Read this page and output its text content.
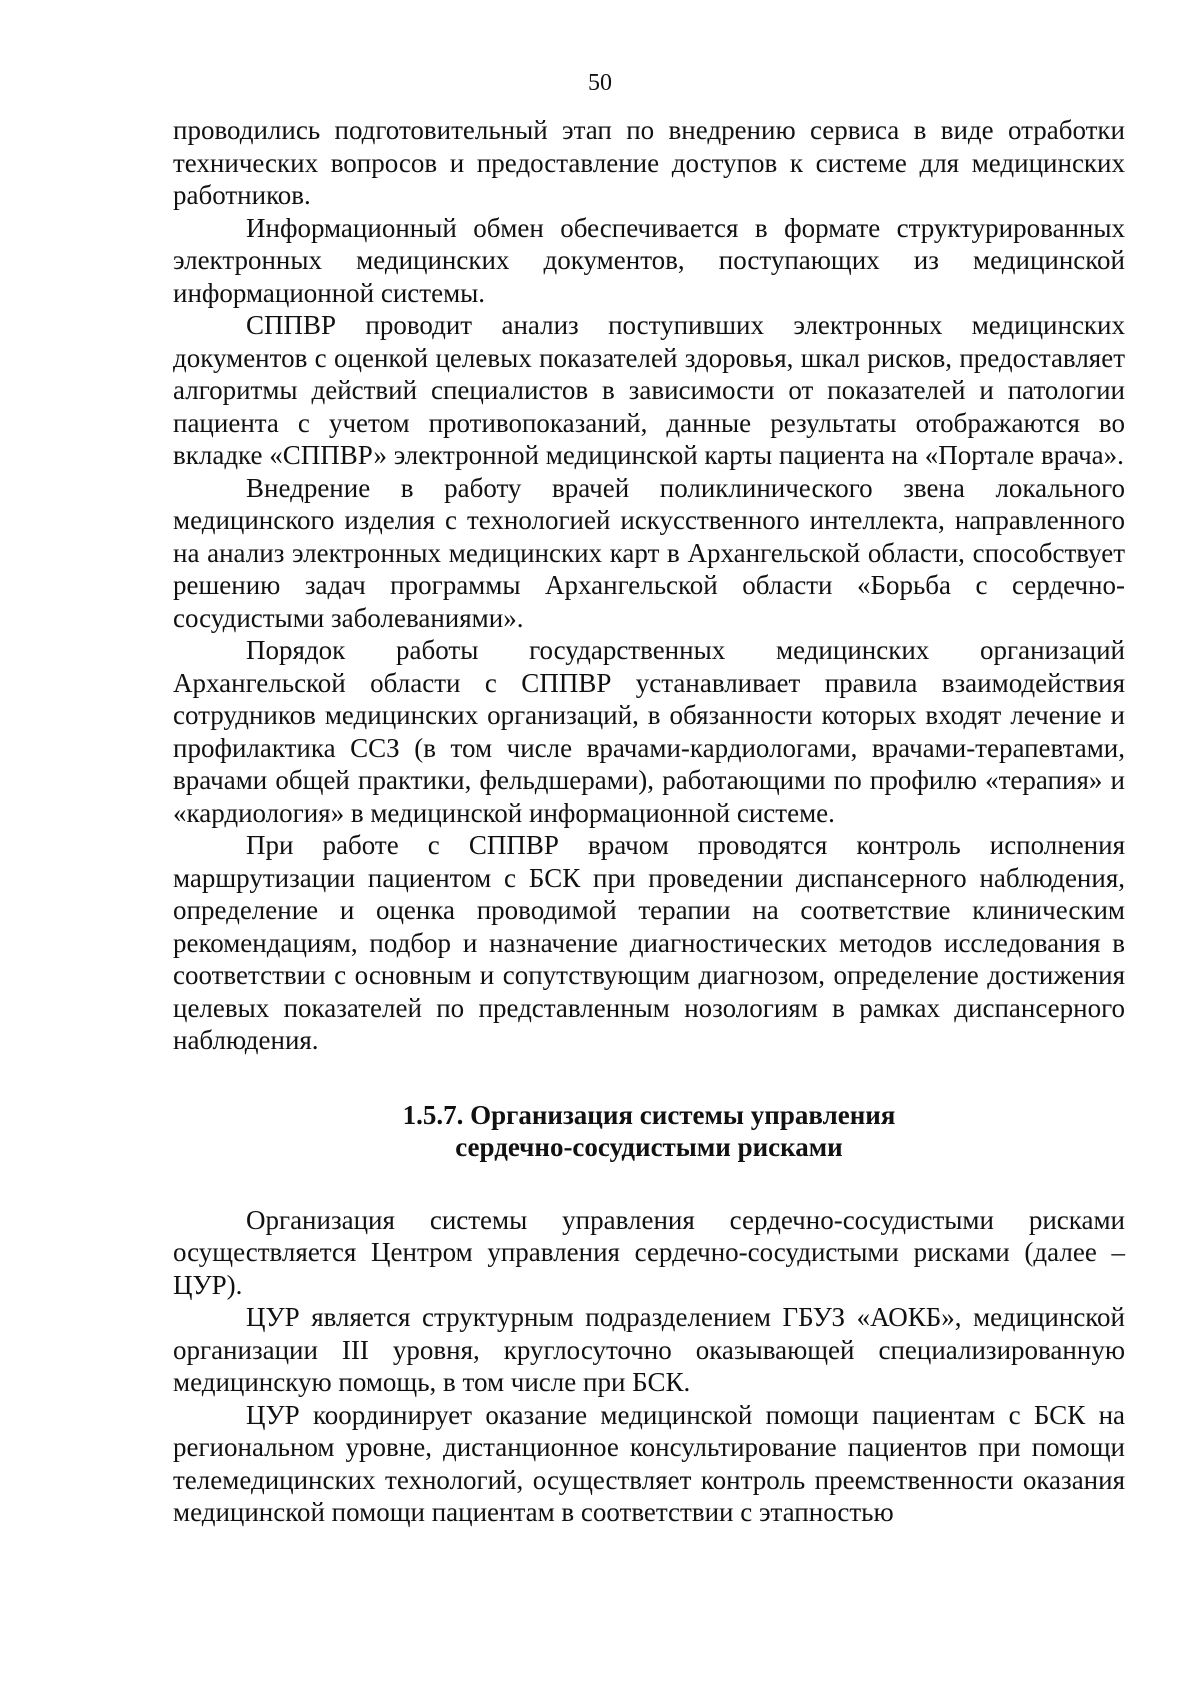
50

проводились подготовительный этап по внедрению сервиса в виде отработки технических вопросов и предоставление доступов к системе для медицинских работников.

Информационный обмен обеспечивается в формате структурированных электронных медицинских документов, поступающих из медицинской информационной системы.

СППВР проводит анализ поступивших электронных медицинских документов с оценкой целевых показателей здоровья, шкал рисков, предоставляет алгоритмы действий специалистов в зависимости от показателей и патологии пациента с учетом противопоказаний, данные результаты отображаются во вкладке «СППВР» электронной медицинской карты пациента на «Портале врача».

Внедрение в работу врачей поликлинического звена локального медицинского изделия с технологией искусственного интеллекта, направленного на анализ электронных медицинских карт в Архангельской области, способствует решению задач программы Архангельской области «Борьба с сердечно-сосудистыми заболеваниями».

Порядок работы государственных медицинских организаций Архангельской области с СППВР устанавливает правила взаимодействия сотрудников медицинских организаций, в обязанности которых входят лечение и профилактика ССЗ (в том числе врачами-кардиологами, врачами-терапевтами, врачами общей практики, фельдшерами), работающими по профилю «терапия» и «кардиология» в медицинской информационной системе.

При работе с СППВР врачом проводятся контроль исполнения маршрутизации пациентом с БСК при проведении диспансерного наблюдения, определение и оценка проводимой терапии на соответствие клиническим рекомендациям, подбор и назначение диагностических методов исследования в соответствии с основным и сопутствующим диагнозом, определение достижения целевых показателей по представленным нозологиям в рамках диспансерного наблюдения.

1.5.7. Организация системы управления
сердечно-сосудистыми рисками

Организация системы управления сердечно-сосудистыми рисками осуществляется Центром управления сердечно-сосудистыми рисками (далее – ЦУР).

ЦУР является структурным подразделением ГБУЗ «АОКБ», медицинской организации III уровня, круглосуточно оказывающей специализированную медицинскую помощь, в том числе при БСК.

ЦУР координирует оказание медицинской помощи пациентам с БСК на региональном уровне, дистанционное консультирование пациентов при помощи телемедицинских технологий, осуществляет контроль преемственности оказания медицинской помощи пациентам в соответствии с этапностью
